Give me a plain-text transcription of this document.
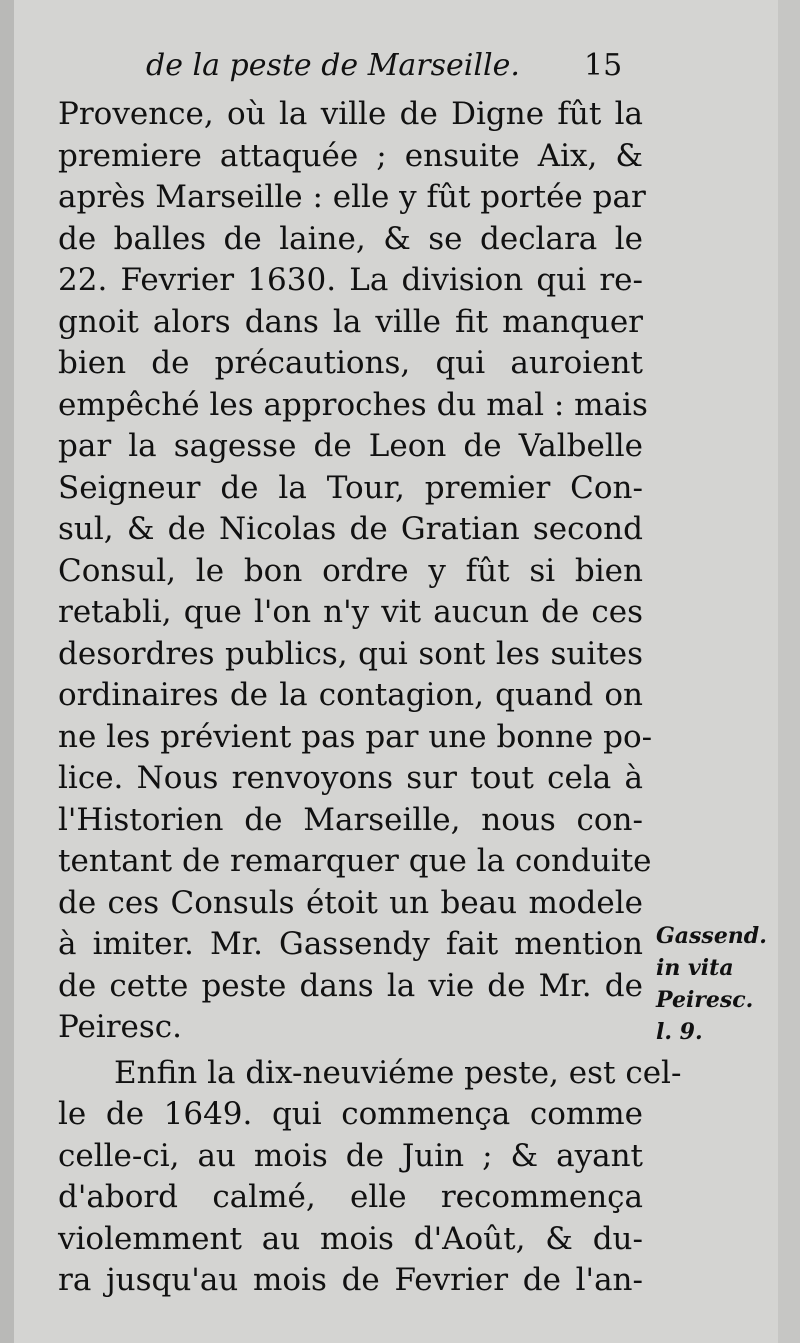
de la peste de Marseille. 15
Provence, où la ville de Digne fût la
premiere attaquée ; ensuite Aix, &
après Marseille : elle y fût portée par
de balles de laine, & se declara le
22. Fevrier 1630. La division qui re-
gnoit alors dans la ville fit manquer
bien de précautions, qui auroient
empêché les approches du mal : mais
par la sagesse de Leon de Valbelle
Seigneur de la Tour, premier Con-
sul, & de Nicolas de Gratian second
Consul, le bon ordre y fût si bien
retabli, que l'on n'y vit aucun de ces
desordres publics, qui sont les suites
ordinaires de la contagion, quand on
ne les prévient pas par une bonne po-
lice. Nous renvoyons sur tout cela à
l'Historien de Marseille, nous con-
tentant de remarquer que la conduite
de ces Consuls étoit un beau modele
à imiter. Mr. Gassendy fait mention
de cette peste dans la vie de Mr. de
Peiresc.
Enfin la dix-neuviéme peste, est cel-
le de 1649. qui commença comme
celle-ci, au mois de Juin ; & ayant
d'abord calmé, elle recommença
violemment au mois d'Août, & du-
ra jusqu'au mois de Fevrier de l'an-
Gassend.
in vita
Peiresc.
l. 9.
